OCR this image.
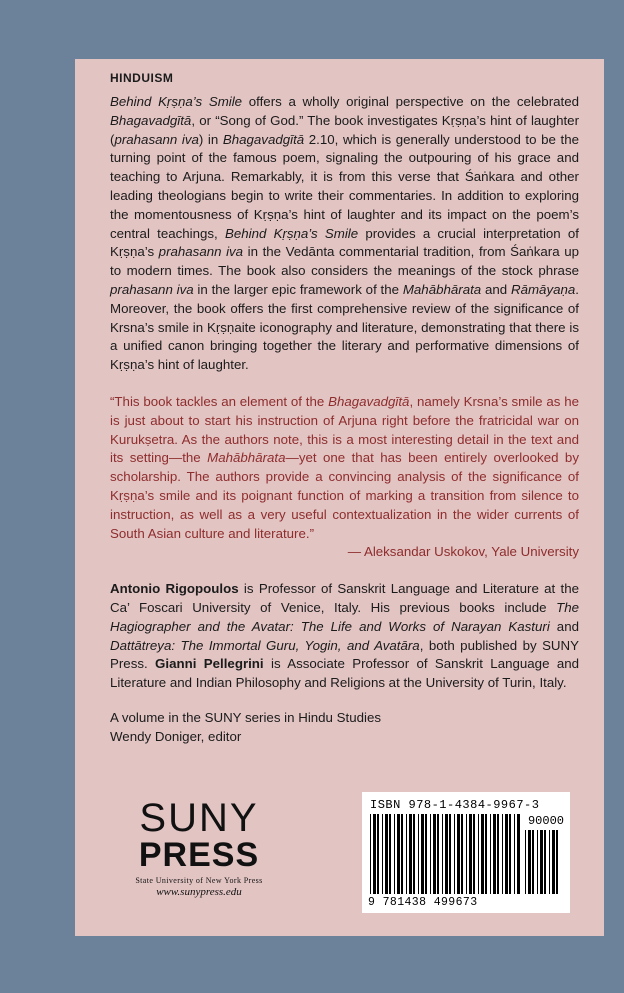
HINDUISM

Behind Kṛṣṇa’s Smile offers a wholly original perspective on the celebrated Bhagavadgītā, or “Song of God.” The book investigates Kṛṣṇa’s hint of laughter (prahasann iva) in Bhagavadgītā 2.10, which is generally understood to be the turning point of the famous poem, signaling the outpouring of his grace and teaching to Arjuna. Remarkably, it is from this verse that Śaṅkara and other leading theologians begin to write their commentaries. In addition to exploring the momentousness of Kṛṣṇa’s hint of laughter and its impact on the poem’s central teachings, Behind Kṛṣṇa’s Smile provides a crucial interpretation of Kṛṣṇa’s prahasann iva in the Vedānta commentarial tradition, from Śaṅkara up to modern times. The book also considers the meanings of the stock phrase prahasann iva in the larger epic framework of the Mahābhārata and Rāmāyaṇa. Moreover, the book offers the first comprehensive review of the significance of Krsna’s smile in Kṛṣṇaite iconography and literature, demonstrating that there is a unified canon bringing together the literary and performative dimensions of Kṛṣṇa’s hint of laughter.

“This book tackles an element of the Bhagavadgītā, namely Krsna’s smile as he is just about to start his instruction of Arjuna right before the fratricidal war on Kurukṣetra. As the authors note, this is a most interesting detail in the text and its setting—the Mahābhārata—yet one that has been entirely overlooked by scholarship. The authors provide a convincing analysis of the significance of Kṛṣṇa’s smile and its poignant function of marking a transition from silence to instruction, as well as a very useful contextualization in the wider currents of South Asian culture and literature.”

— Aleksandar Uskokov, Yale University

Antonio Rigopoulos is Professor of Sanskrit Language and Literature at the Ca’ Foscari University of Venice, Italy. His previous books include The Hagiographer and the Avatar: The Life and Works of Narayan Kasturi and Dattātreya: The Immortal Guru, Yogin, and Avatāra, both published by SUNY Press. Gianni Pellegrini is Associate Professor of Sanskrit Language and Literature and Indian Philosophy and Religions at the University of Turin, Italy.

A volume in the SUNY series in Hindu Studies
Wendy Doniger, editor

SUNY
PRESS
State University of New York Press
www.sunypress.edu
ISBN 978-1-4384-9967-3
90000
9 781438 499673
